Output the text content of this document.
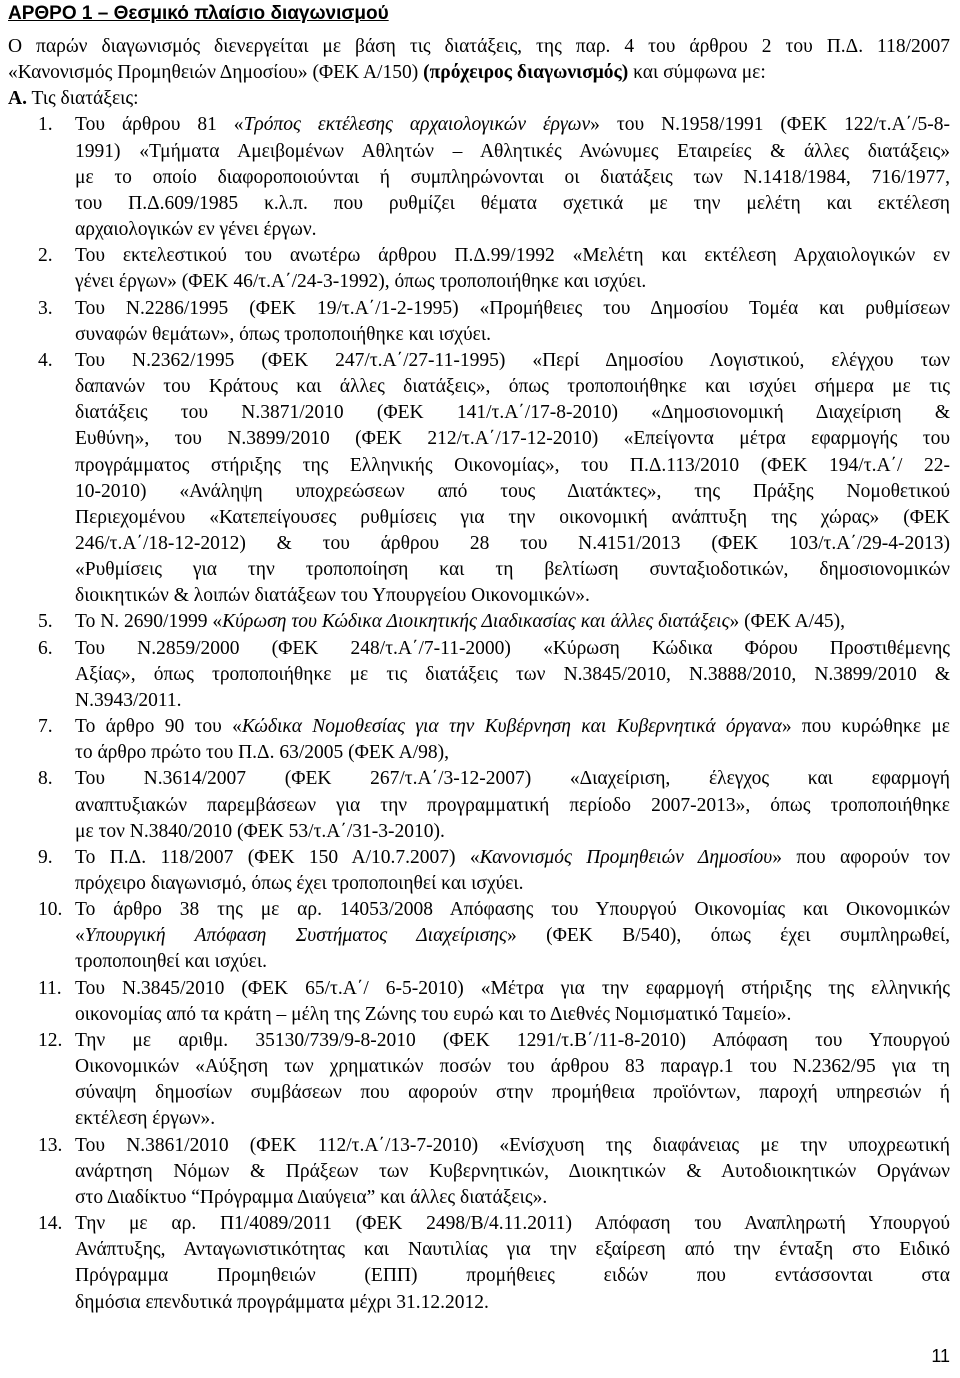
ΑΡΘΡΟ 1 – Θεσμικό πλαίσιο διαγωνισμού
Ο παρών διαγωνισμός διενεργείται με βάση τις διατάξεις, της παρ. 4 του άρθρου 2 του Π.Δ. 118/2007
«Κανονισμός Προμηθειών Δημοσίου» (ΦΕΚ Α/150) (πρόχειρος διαγωνισμός) και σύμφωνα με:
Α. Τις διατάξεις:
1.	Του άρθρου 81 «Τρόπος εκτέλεσης αρχαιολογικών έργων» του Ν.1958/1991 (ΦΕΚ 122/τ.Α΄/5-8-
1991) «Τμήματα Αμειβομένων Αθλητών – Αθλητικές Ανώνυμες Εταιρείες & άλλες διατάξεις»
με το οποίο διαφοροποιούνται ή συμπληρώνονται οι διατάξεις των Ν.1418/1984, 716/1977,
του Π.Δ.609/1985 κ.λ.π. που ρυθμίζει θέματα σχετικά με την μελέτη και εκτέλεση
αρχαιολογικών εν γένει έργων.
2.	Του εκτελεστικού του ανωτέρω άρθρου Π.Δ.99/1992 «Μελέτη και εκτέλεση Αρχαιολογικών εν
γένει έργων» (ΦΕΚ 46/τ.Α΄/24-3-1992), όπως τροποποιήθηκε και ισχύει.
3.	Του Ν.2286/1995 (ΦΕΚ 19/τ.Α΄/1-2-1995) «Προμήθειες του Δημοσίου Τομέα και ρυθμίσεων
συναφών θεμάτων», όπως τροποποιήθηκε και ισχύει.
4.	Του Ν.2362/1995 (ΦΕΚ 247/τ.Α΄/27-11-1995) «Περί Δημοσίου Λογιστικού, ελέγχου των
δαπανών του Κράτους και άλλες διατάξεις», όπως τροποποιήθηκε και ισχύει σήμερα με τις
διατάξεις του Ν.3871/2010 (ΦΕΚ 141/τ.Α΄/17-8-2010) «Δημοσιονομική Διαχείριση &
Ευθύνη», του Ν.3899/2010 (ΦΕΚ 212/τ.Α΄/17-12-2010) «Επείγοντα μέτρα εφαρμογής του
προγράμματος στήριξης της Ελληνικής Οικονομίας», του Π.Δ.113/2010 (ΦΕΚ 194/τ.Α΄/ 22-
10-2010) «Ανάληψη υποχρεώσεων από τους Διατάκτες», της Πράξης Νομοθετικού
Περιεχομένου «Κατεπείγουσες ρυθμίσεις για την οικονομική ανάπτυξη της χώρας» (ΦΕΚ
246/τ.Α΄/18-12-2012) & του άρθρου 28 του Ν.4151/2013 (ΦΕΚ 103/τ.Α΄/29-4-2013)
«Ρυθμίσεις για την τροποποίηση και τη βελτίωση συνταξιοδοτικών, δημοσιονομικών
διοικητικών & λοιπών διατάξεων του Υπουργείου Οικονομικών».
5.	Το Ν. 2690/1999 «Κύρωση του Κώδικα Διοικητικής Διαδικασίας και άλλες διατάξεις» (ΦΕΚ Α/45),
6.	Του Ν.2859/2000 (ΦΕΚ 248/τ.Α΄/7-11-2000) «Κύρωση Κώδικα Φόρου Προστιθέμενης
Αξίας», όπως τροποποιήθηκε με τις διατάξεις των Ν.3845/2010, Ν.3888/2010, Ν.3899/2010 &
Ν.3943/2011.
7.	Το άρθρο 90 του «Κώδικα Νομοθεσίας για την Κυβέρνηση και Κυβερνητικά όργανα» που κυρώθηκε με
το άρθρο πρώτο του Π.Δ. 63/2005 (ΦΕΚ Α/98),
8.	Του Ν.3614/2007 (ΦΕΚ 267/τ.Α΄/3-12-2007) «Διαχείριση, έλεγχος και εφαρμογή
αναπτυξιακών παρεμβάσεων για την προγραμματική περίοδο 2007-2013», όπως τροποποιήθηκε
με τον Ν.3840/2010 (ΦΕΚ 53/τ.Α΄/31-3-2010).
9.	Το Π.Δ. 118/2007 (ΦΕΚ 150 Α/10.7.2007) «Κανονισμός Προμηθειών Δημοσίου» που αφορούν τον
πρόχειρο διαγωνισμό, όπως έχει τροποποιηθεί και ισχύει.
10. Το άρθρο 38 της με αρ. 14053/2008 Απόφασης του Υπουργού Οικονομίας και Οικονομικών
«Υπουργική Απόφαση Συστήματος Διαχείρισης» (ΦΕΚ Β/540), όπως έχει συμπληρωθεί,
τροποποιηθεί και ισχύει.
11. Του Ν.3845/2010 (ΦΕΚ 65/τ.Α΄/ 6-5-2010) «Μέτρα για την εφαρμογή στήριξης της ελληνικής
οικονομίας από τα κράτη – μέλη της Ζώνης του ευρώ και το Διεθνές Νομισματικό Ταμείο».
12. Την με αριθμ. 35130/739/9-8-2010 (ΦΕΚ 1291/τ.Β΄/11-8-2010) Απόφαση του Υπουργού
Οικονομικών «Αύξηση των χρηματικών ποσών του άρθρου 83 παραγρ.1 του Ν.2362/95 για τη
σύναψη δημοσίων συμβάσεων που αφορούν στην προμήθεια προϊόντων, παροχή υπηρεσιών ή
εκτέλεση έργων».
13. Του Ν.3861/2010 (ΦΕΚ 112/τ.Α΄/13-7-2010) «Ενίσχυση της διαφάνειας με την υποχρεωτική
ανάρτηση Νόμων & Πράξεων των Κυβερνητικών, Διοικητικών & Αυτοδιοικητικών Οργάνων
στο Διαδίκτυο “Πρόγραμμα Διαύγεια” και άλλες διατάξεις».
14. Την με αρ. Π1/4089/2011 (ΦΕΚ 2498/Β/4.11.2011) Απόφαση του Αναπληρωτή Υπουργού
Ανάπτυξης, Ανταγωνιστικότητας και Ναυτιλίας για την εξαίρεση από την ένταξη στο Ειδικό
Πρόγραμμα Προμηθειών (ΕΠΠ) προμήθειες ειδών που εντάσσονται στα
δημόσια επενδυτικά προγράμματα μέχρι 31.12.2012.
11
